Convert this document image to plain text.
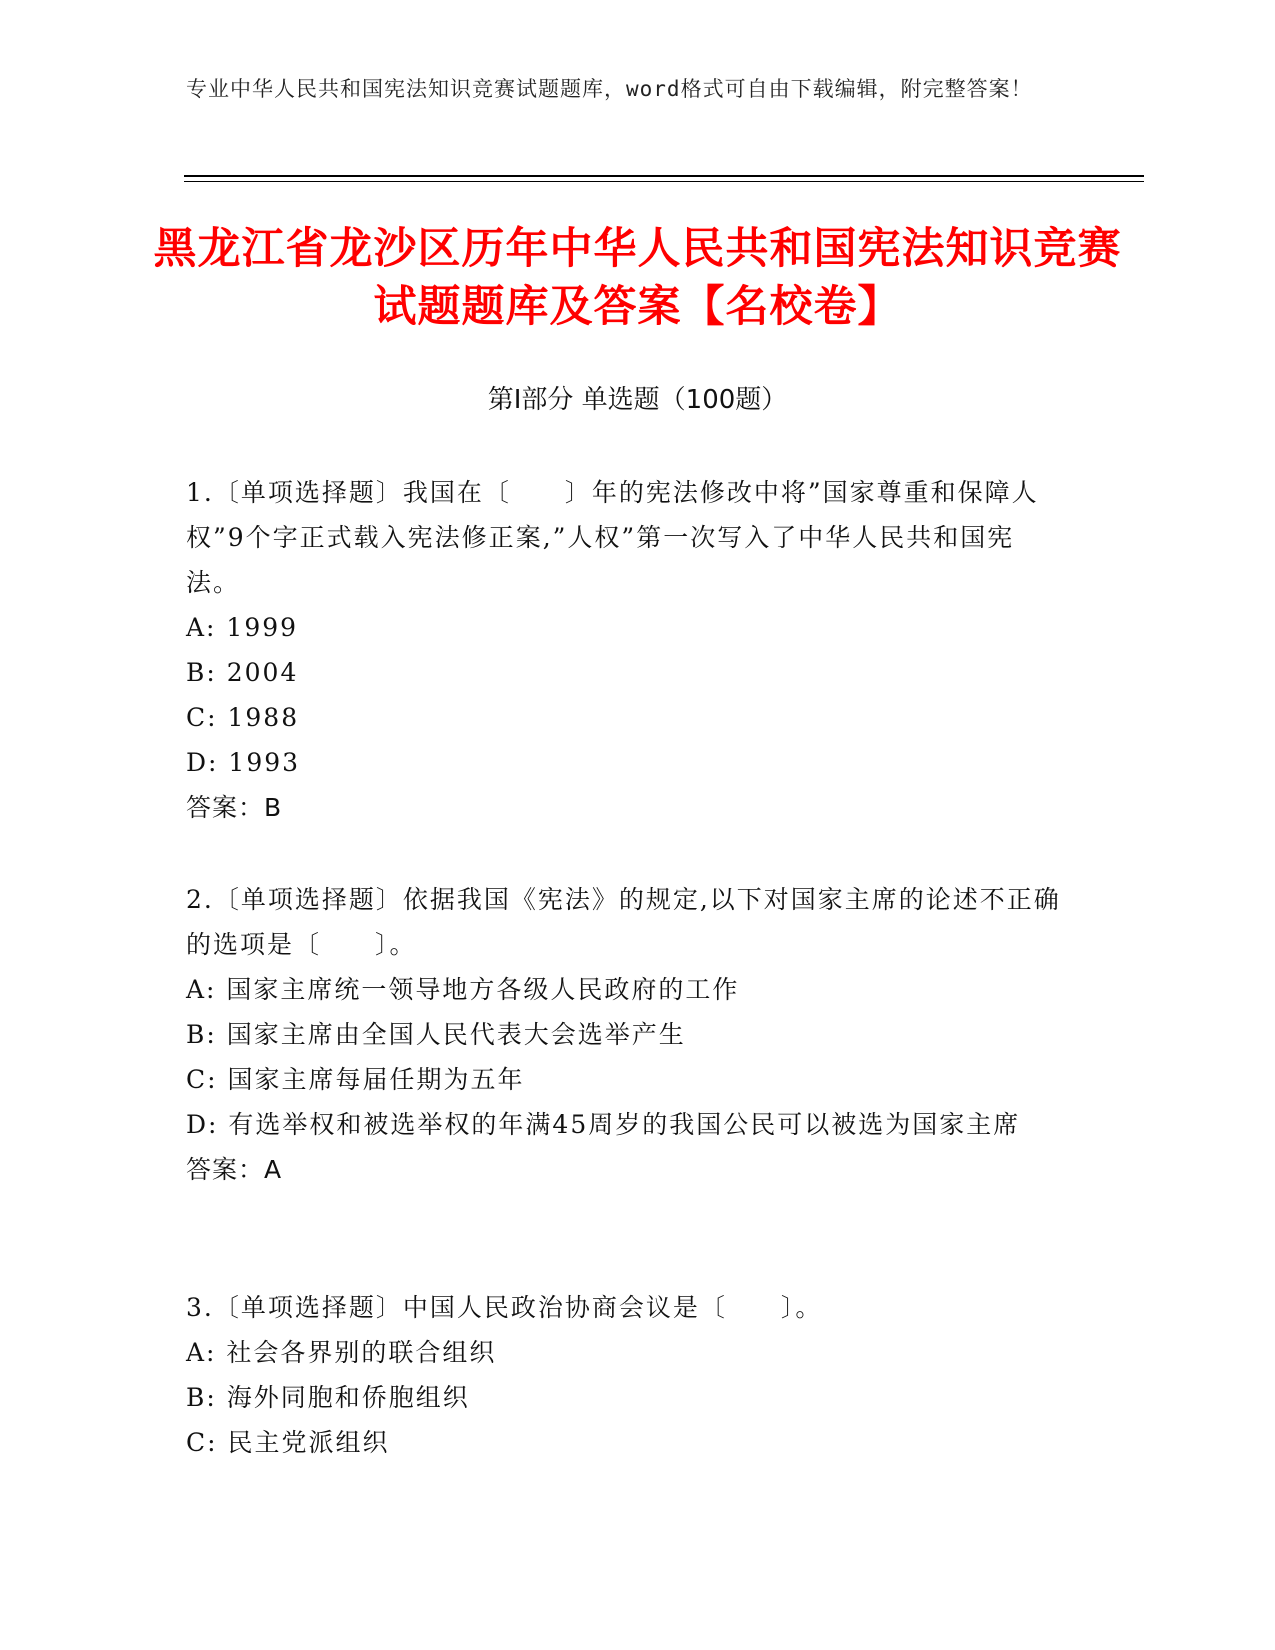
专业中华人民共和国宪法知识竞赛试题题库，word格式可自由下载编辑，附完整答案！
黑龙江省龙沙区历年中华人民共和国宪法知识竞赛试题题库及答案【名校卷】
第Ⅰ部分 单选题（100题）

1.〔单项选择题〕我国在〔　　〕年的宪法修改中将”国家尊重和保障人权”9个字正式载入宪法修正案,”人权”第一次写入了中华人民共和国宪法。

A: 1999

B: 2004

C: 1988

D: 1993

答案：B

2.〔单项选择题〕依据我国《宪法》的规定,以下对国家主席的论述不正确的选项是〔　　〕。

A: 国家主席统一领导地方各级人民政府的工作

B: 国家主席由全国人民代表大会选举产生

C: 国家主席每届任期为五年

D: 有选举权和被选举权的年满45周岁的我国公民可以被选为国家主席

答案：A

3.〔单项选择题〕中国人民政治协商会议是〔　　〕。

A: 社会各界别的联合组织

B: 海外同胞和侨胞组织

C: 民主党派组织
